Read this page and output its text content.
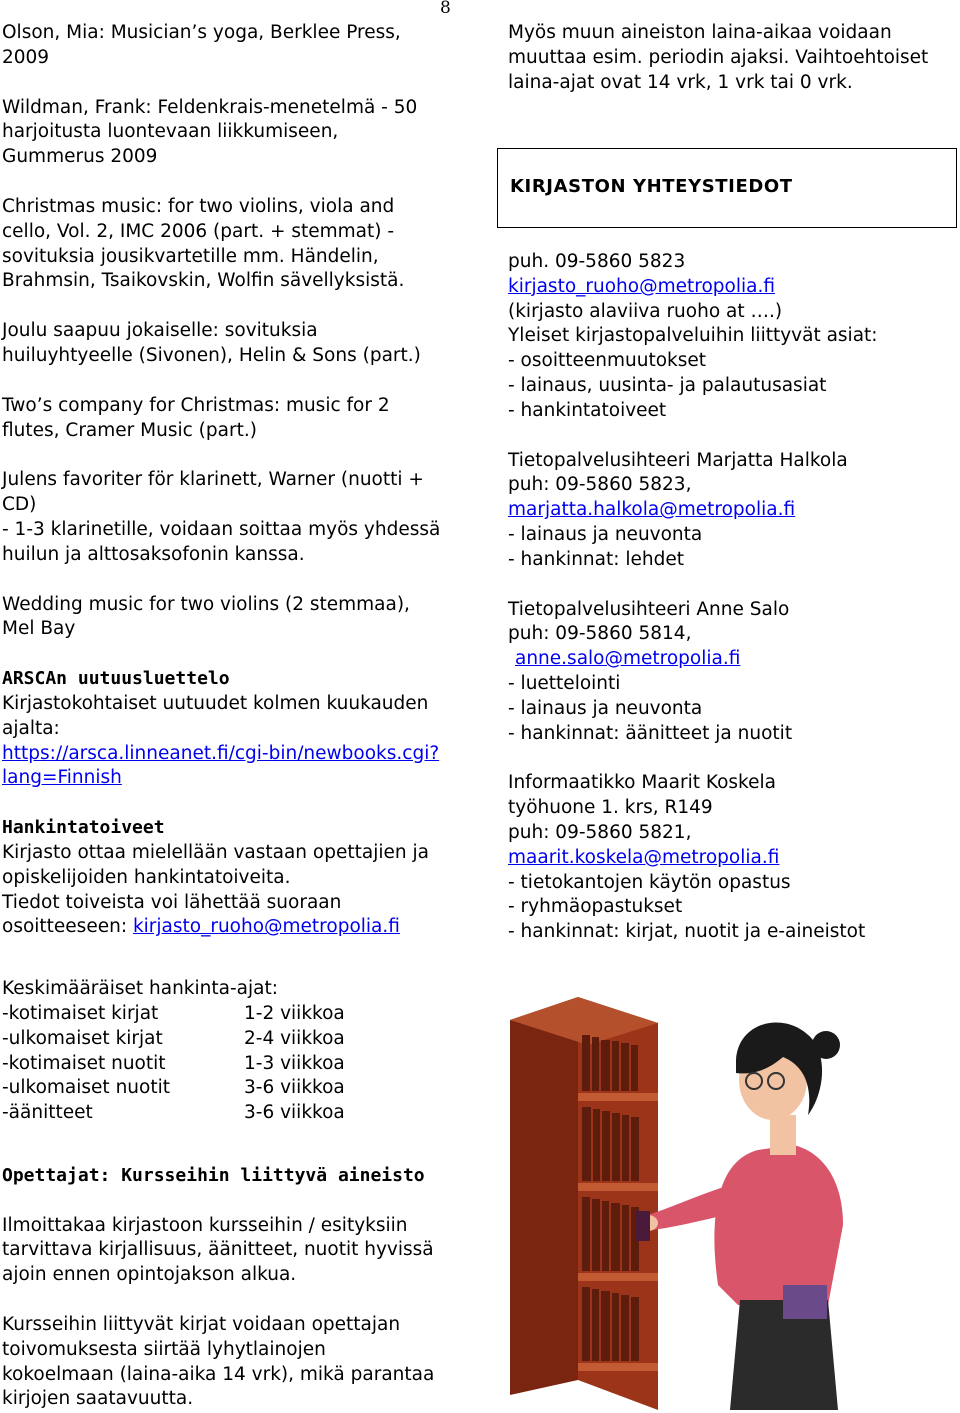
8

Olson, Mia: Musician’s yoga, Berklee Press, 2009

Wildman, Frank: Feldenkrais-menetelmä - 50 harjoitusta luontevaan liikkumiseen, Gummerus 2009

Christmas music: for two violins, viola and cello, Vol. 2, IMC 2006 (part. + stemmat) -sovituksia jousikvartetille mm. Händelin, Brahmsin, Tsaikovskin, Wolfin sävellyksistä.

Joulu saapuu jokaiselle: sovituksia huiluyhtyeelle (Sivonen), Helin & Sons (part.)

Two’s company for Christmas: music for 2 flutes, Cramer Music (part.)

Julens favoriter för klarinett, Warner (nuotti + CD)

- 1-3 klarinetille, voidaan soittaa myös yhdessä huilun ja alttosaksofonin kanssa.

Wedding music for two violins (2 stemmaa), Mel Bay

ARSCAn uutuusluettelo

Kirjastokohtaiset uutuudet kolmen kuukauden ajalta:

https://arsca.linneanet.fi/cgi-bin/newbooks.cgi?lang=Finnish

Hankintatoiveet

Kirjasto ottaa mielellään vastaan opettajien ja opiskelijoiden hankintatoiveita.

Tiedot toiveista voi lähettää suoraan osoitteeseen: kirjasto_ruoho@metropolia.fi

Keskimääräiset hankinta-ajat:

-kotimaiset kirjat	1-2 viikkoa
-ulkomaiset kirjat	2-4 viikkoa
-kotimaiset nuotit	1-3 viikkoa
-ulkomaiset nuotit	3-6 viikkoa
-äänitteet	3-6 viikkoa

Opettajat: Kursseihin liittyvä aineisto

Ilmoittakaa kirjastoon kursseihin / esityksiin tarvittava kirjallisuus, äänitteet, nuotit hyvissä ajoin ennen opintojakson alkua.

Kursseihin liittyvät kirjat voidaan opettajan toivomuksesta siirtää lyhytlainojen kokoelmaan (laina-aika 14 vrk), mikä parantaa kirjojen saatavuutta.

Myös muun aineiston laina-aikaa voidaan muuttaa esim. periodin ajaksi. Vaihtoehtoiset laina-ajat ovat 14 vrk, 1 vrk tai 0 vrk.

KIRJASTON YHTEYSTIEDOT

puh. 09-5860 5823

kirjasto_ruoho@metropolia.fi

(kirjasto alaviiva ruoho at ….)

Yleiset kirjastopalveluihin liittyvät asiat:

- osoitteenmuutokset

- lainaus, uusinta- ja palautusasiat

- hankintatoiveet

Tietopalvelusihteeri Marjatta Halkola

puh: 09-5860 5823,

marjatta.halkola@metropolia.fi

- lainaus ja neuvonta

- hankinnat: lehdet

Tietopalvelusihteeri Anne Salo

puh: 09-5860 5814,

anne.salo@metropolia.fi

- luettelointi

- lainaus ja neuvonta

- hankinnat: äänitteet ja nuotit

Informaatikko Maarit Koskela

työhuone 1. krs, R149

puh: 09-5860 5821,

maarit.koskela@metropolia.fi

- tietokantojen käytön opastus

- ryhmäopastukset

- hankinnat: kirjat, nuotit ja e-aineistot
